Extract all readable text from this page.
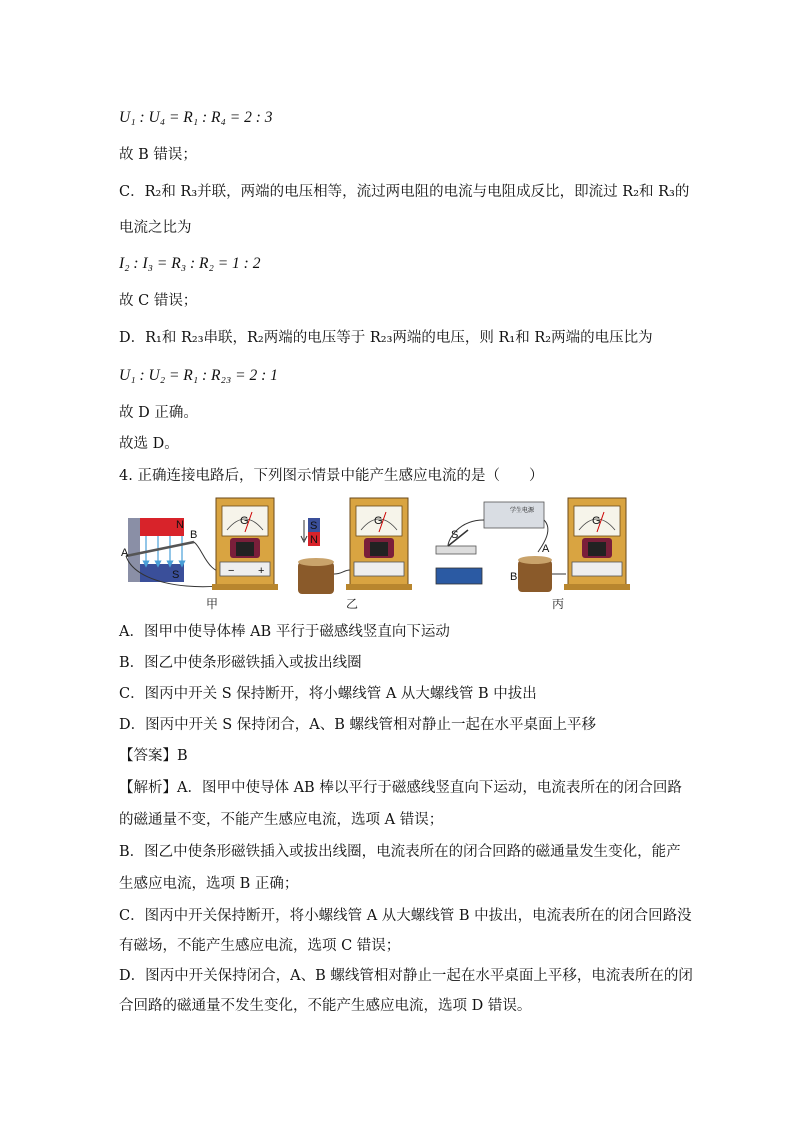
U₁ : U₄ = R₁ : R₄ = 2 : 3
故 B 错误；
C．R₂和 R₃并联，两端的电压相等，流过两电阻的电流与电阻成反比，即流过 R₂和 R₃的
电流之比为
I₂ : I₃ = R₃ : R₂ = 1 : 2
故 C 错误；
D．R₁和 R₂₃串联，R₂两端的电压等于 R₂₃两端的电压，则 R₁和 R₂两端的电压比为
U₁ : U₂ = R₁ : R₂₃ = 2 : 1
故 D 正确。
故选 D。
4. 正确连接电路后，下列图示情景中能产生感应电流的是（　　）
N
S
A
B
G
− +
甲
S
N
G
乙
学生电源
S
A
B
G
丙
A．图甲中使导体棒 AB 平行于磁感线竖直向下运动
B．图乙中使条形磁铁插入或拔出线圈
C．图丙中开关 S 保持断开，将小螺线管 A 从大螺线管 B 中拔出
D．图丙中开关 S 保持闭合，A、B 螺线管相对静止一起在水平桌面上平移
【答案】B
【解析】A．图甲中使导体 AB 棒以平行于磁感线竖直向下运动，电流表所在的闭合回路
的磁通量不变，不能产生感应电流，选项 A 错误；
B．图乙中使条形磁铁插入或拔出线圈，电流表所在的闭合回路的磁通量发生变化，能产
生感应电流，选项 B 正确；
C．图丙中开关保持断开，将小螺线管 A 从大螺线管 B 中拔出，电流表所在的闭合回路没
有磁场，不能产生感应电流，选项 C 错误；
D．图丙中开关保持闭合，A、B 螺线管相对静止一起在水平桌面上平移，电流表所在的闭
合回路的磁通量不发生变化，不能产生感应电流，选项 D 错误。
